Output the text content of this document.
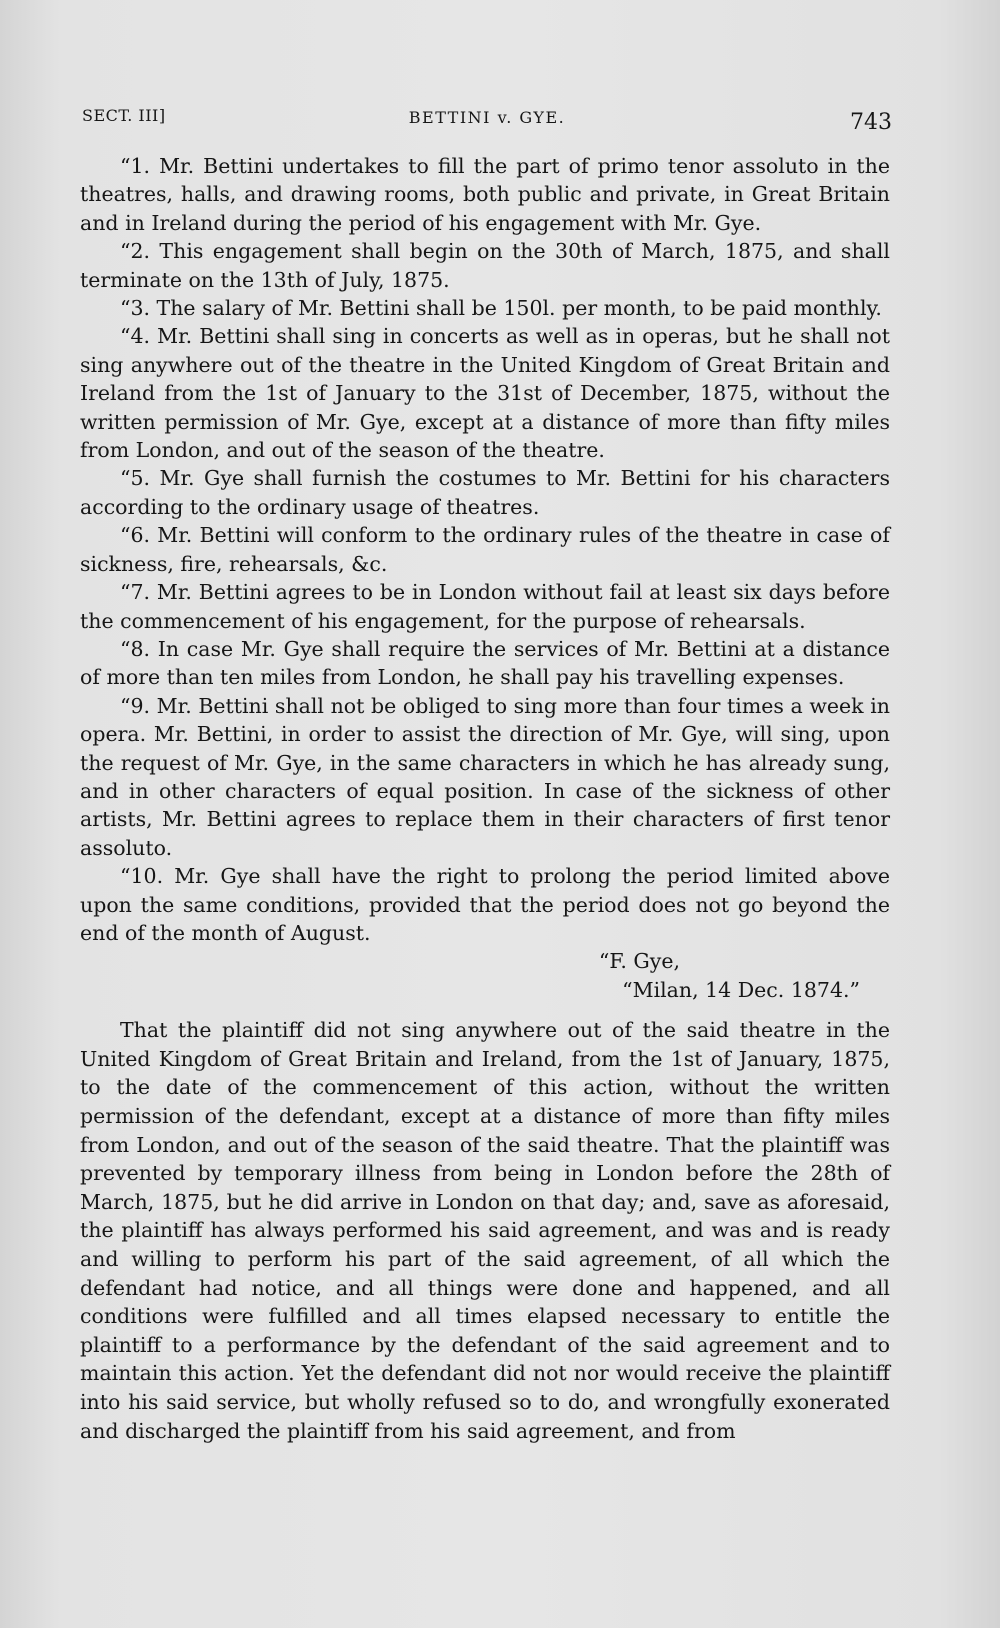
SECT. III]	BETTINI v. GYE.	743

“1. Mr. Bettini undertakes to fill the part of primo tenor assoluto in the theatres, halls, and drawing rooms, both public and private, in Great Britain and in Ireland during the period of his engagement with Mr. Gye.

“2. This engagement shall begin on the 30th of March, 1875, and shall terminate on the 13th of July, 1875.

“3. The salary of Mr. Bettini shall be 150l. per month, to be paid monthly.

“4. Mr. Bettini shall sing in concerts as well as in operas, but he shall not sing anywhere out of the theatre in the United Kingdom of Great Britain and Ireland from the 1st of January to the 31st of December, 1875, without the written permission of Mr. Gye, except at a distance of more than fifty miles from London, and out of the season of the theatre.

“5. Mr. Gye shall furnish the costumes to Mr. Bettini for his characters according to the ordinary usage of theatres.

“6. Mr. Bettini will conform to the ordinary rules of the theatre in case of sickness, fire, rehearsals, &c.

“7. Mr. Bettini agrees to be in London without fail at least six days before the commencement of his engagement, for the purpose of rehearsals.

“8. In case Mr. Gye shall require the services of Mr. Bettini at a distance of more than ten miles from London, he shall pay his travelling expenses.

“9. Mr. Bettini shall not be obliged to sing more than four times a week in opera. Mr. Bettini, in order to assist the direction of Mr. Gye, will sing, upon the request of Mr. Gye, in the same characters in which he has already sung, and in other characters of equal position. In case of the sickness of other artists, Mr. Bettini agrees to replace them in their characters of first tenor assoluto.

“10. Mr. Gye shall have the right to prolong the period limited above upon the same conditions, provided that the period does not go beyond the end of the month of August.

“F. Gye,
“Milan, 14 Dec. 1874.”

That the plaintiff did not sing anywhere out of the said theatre in the United Kingdom of Great Britain and Ireland, from the 1st of January, 1875, to the date of the commencement of this action, without the written permission of the defendant, except at a distance of more than fifty miles from London, and out of the season of the said theatre. That the plaintiff was prevented by temporary illness from being in London before the 28th of March, 1875, but he did arrive in London on that day; and, save as aforesaid, the plaintiff has always performed his said agreement, and was and is ready and willing to perform his part of the said agreement, of all which the defendant had notice, and all things were done and happened, and all conditions were fulfilled and all times elapsed necessary to entitle the plaintiff to a performance by the defendant of the said agreement and to maintain this action. Yet the defendant did not nor would receive the plaintiff into his said service, but wholly refused so to do, and wrongfully exonerated and discharged the plaintiff from his said agreement, and from
